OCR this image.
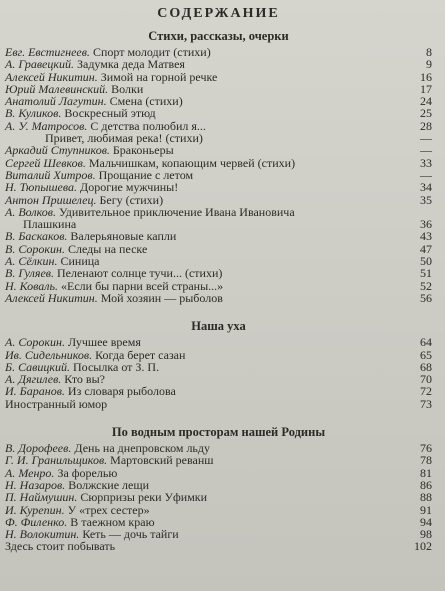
СОДЕРЖАНИЕ
Стихи, рассказы, очерки
Евг. Евстигнеев. Спорт молодит (стихи)	8
А. Гравецкий. Задумка деда Матвея	9
Алексей Никитин. Зимой на горной речке	16
Юрий Малевинский. Волки	17
Анатолий Лагутин. Смена (стихи)	24
В. Куликов. Воскресный этюд	25
А. У. Матросов. С детства полюбил я...	28
Привет, любимая река! (стихи)	—
Аркадий Ступников. Браконьеры	—
Сергей Шевков. Мальчишкам, копающим червей (стихи)	33
Виталий Хитров. Прощание с летом	—
Н. Тюпышева. Дорогие мужчины!	34
Антон Пришелец. Бегу (стихи)	35
А. Волков. Удивительное приключение Ивана Ивановича
Плашкина	36
В. Баскаков. Валерьяновые капли	43
В. Сорокин. Следы на песке	47
А. Сёлкин. Синица	50
В. Гуляев. Пеленают солнце тучи... (стихи)	51
Н. Коваль. «Если бы парни всей страны...»	52
Алексей Никитин. Мой хозяин — рыболов	56
Наша уха
А. Сорокин. Лучшее время	64
Ив. Сидельников. Когда берет сазан	65
Б. Савицкий. Посылка от З. П.	68
А. Дягилев. Кто вы?	70
И. Баранов. Из словаря рыболова	72
Иностранный юмор	73
По водным просторам нашей Родины
В. Дорофеев. День на днепровском льду	76
Г. И. Гранильщиков. Мартовский реванш	78
А. Менро. За форелью	81
Н. Назаров. Волжские лещи	86
П. Наймушин. Сюрпризы реки Уфимки	88
И. Курепин. У «трех сестер»	91
Ф. Филенко. В таежном краю	94
Н. Волокитин. Кеть — дочь тайги	98
Здесь стоит побывать	102
